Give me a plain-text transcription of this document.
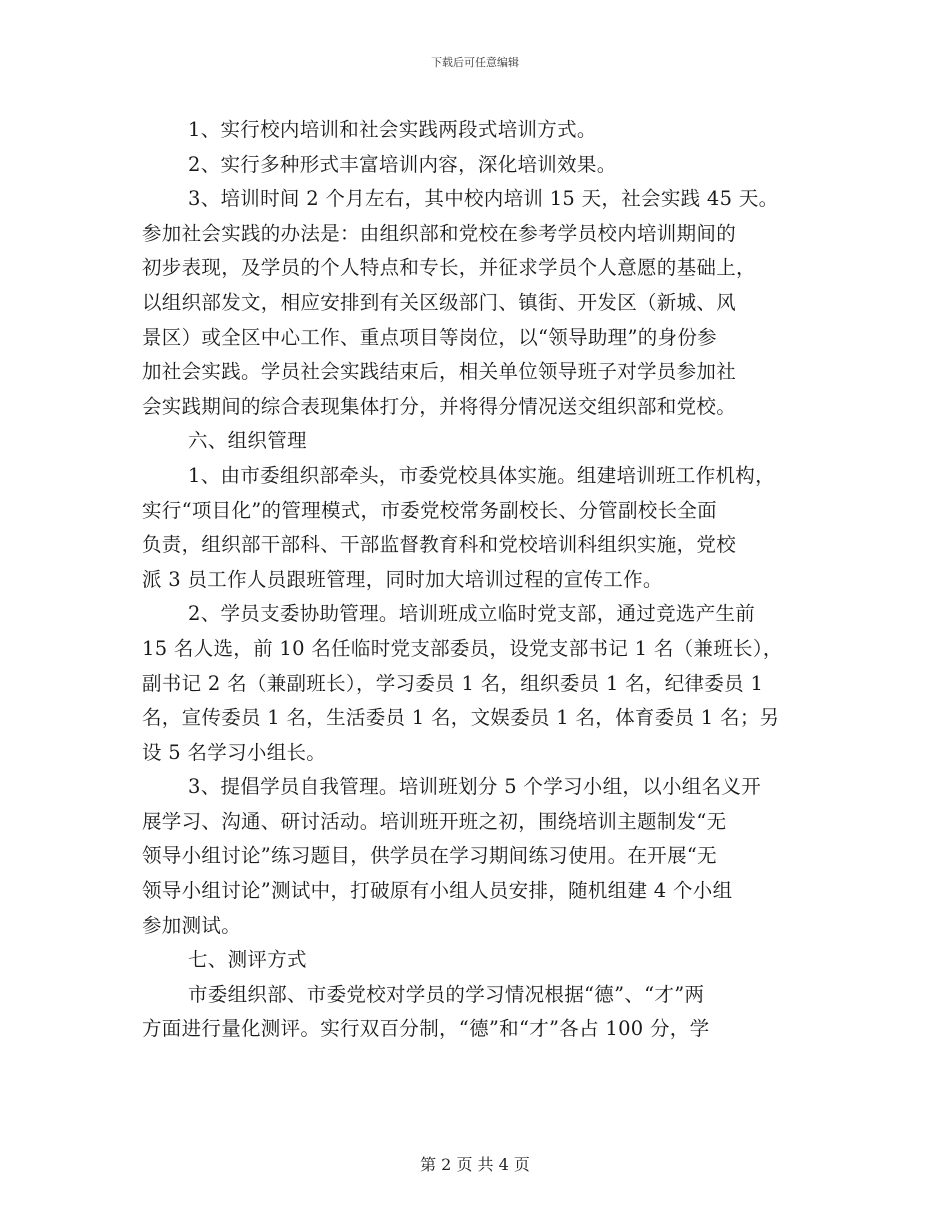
下载后可任意编辑
1、实行校内培训和社会实践两段式培训方式。
2、实行多种形式丰富培训内容，深化培训效果。
3、培训时间 2 个月左右，其中校内培训 15 天，社会实践 45 天。
参加社会实践的办法是：由组织部和党校在参考学员校内培训期间的
初步表现，及学员的个人特点和专长，并征求学员个人意愿的基础上，
以组织部发文，相应安排到有关区级部门、镇街、开发区（新城、风
景区）或全区中心工作、重点项目等岗位，以“领导助理”的身份参
加社会实践。学员社会实践结束后，相关单位领导班子对学员参加社
会实践期间的综合表现集体打分，并将得分情况送交组织部和党校。
六、组织管理
1、由市委组织部牵头，市委党校具体实施。组建培训班工作机构，
实行“项目化”的管理模式，市委党校常务副校长、分管副校长全面
负责，组织部干部科、干部监督教育科和党校培训科组织实施，党校
派 3 员工作人员跟班管理，同时加大培训过程的宣传工作。
2、学员支委协助管理。培训班成立临时党支部，通过竞选产生前
15 名人选，前 10 名任临时党支部委员，设党支部书记 1 名（兼班长），
副书记 2 名（兼副班长），学习委员 1 名，组织委员 1 名，纪律委员 1
名，宣传委员 1 名，生活委员 1 名，文娱委员 1 名，体育委员 1 名；另
设 5 名学习小组长。
3、提倡学员自我管理。培训班划分 5 个学习小组，以小组名义开
展学习、沟通、研讨活动。培训班开班之初，围绕培训主题制发“无
领导小组讨论”练习题目，供学员在学习期间练习使用。在开展“无
领导小组讨论”测试中，打破原有小组人员安排，随机组建 4 个小组
参加测试。
七、测评方式
市委组织部、市委党校对学员的学习情况根据“德”、“才”两
方面进行量化测评。实行双百分制，“德”和“才”各占 100 分，学
第 2 页 共 4 页
